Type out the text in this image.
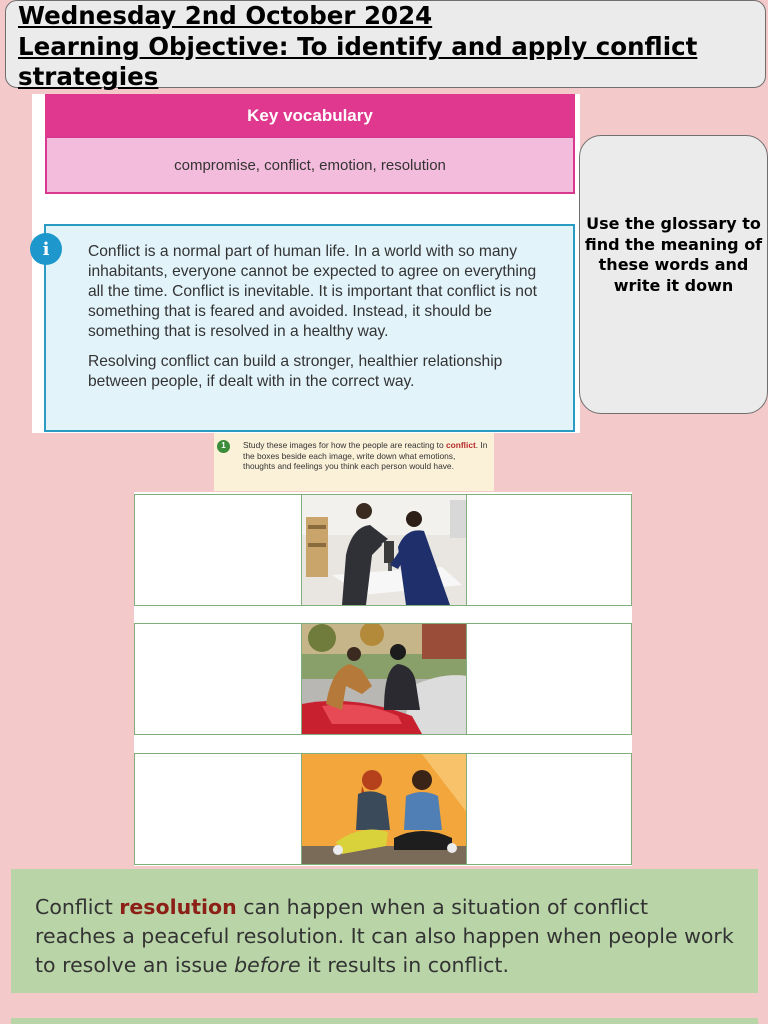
Wednesday 2nd October 2024
Learning Objective: To identify and apply conflict
strategies
Key vocabulary
compromise, conflict, emotion, resolution

Conflict is a normal part of human life. In a world with so many inhabitants, everyone cannot be expected to agree on everything all the time. Conflict is inevitable. It is important that conflict is not something that is feared and avoided. Instead, it should be something that is resolved in a healthy way.

Resolving conflict can build a stronger, healthier relationship between people, if dealt with in the correct way.

i
Use the glossary to find the meaning of these words and write it down
1	Study these images for how the people are reacting to conflict. In the boxes beside each image, write down what emotions, thoughts and feelings you think each person would have.
Conflict resolution can happen when a situation of conflict reaches a peaceful resolution. It can also happen when people work to resolve an issue before it results in conflict.
